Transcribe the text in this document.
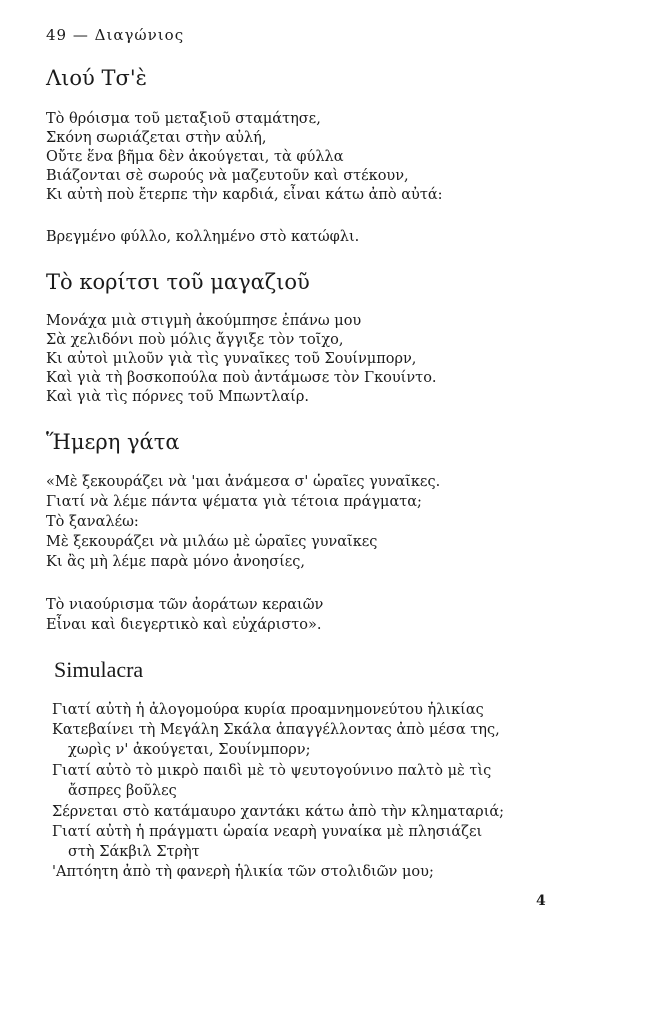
49 — Διαγώνιος
Λιού Τσ'ὲ
Τὸ θρόισμα τοῦ μεταξιοῦ σταμάτησε,
Σκόνη σωριάζεται στὴν αὐλή,
Οὔτε ἕνα βῆμα δὲν ἀκούγεται, τὰ φύλλα
Βιάζονται σὲ σωρούς νὰ μαζευτοῦν καὶ στέκουν,
Κι αὐτὴ ποὺ ἔτερπε τὴν καρδιά, εἶναι κάτω ἀπὸ αὐτά:
Βρεγμένο φύλλο, κολλημένο στὸ κατώφλι.
Τὸ κορίτσι τοῦ μαγαζιοῦ
Μονάχα μιὰ στιγμὴ ἀκούμπησε ἐπάνω μου
Σὰ χελιδόνι ποὺ μόλις ἄγγιξε τὸν τοῖχο,
Κι αὐτοὶ μιλοῦν γιὰ τὶς γυναῖκες τοῦ Σουίνμπορν,
Καὶ γιὰ τὴ βοσκοπούλα ποὺ ἀντάμωσε τὸν Γκουίντο.
Καὶ γιὰ τὶς πόρνες τοῦ Μπωντλαίρ.
Ἥμερη γάτα
«Μὲ ξεκουράζει νὰ 'μαι ἀνάμεσα σ' ὡραῖες γυναῖκες.
Γιατί νὰ λέμε πάντα ψέματα γιὰ τέτοια πράγματα;
Τὸ ξαναλέω:
Μὲ ξεκουράζει νὰ μιλάω μὲ ὡραῖες γυναῖκες
Κι ἂς μὴ λέμε παρὰ μόνο ἀνοησίες,
Τὸ νιαούρισμα τῶν ἀοράτων κεραιῶν
Εἶναι καὶ διεγερτικὸ καὶ εὐχάριστο».
Simulacra
Γιατί αὐτὴ ἡ ἀλογομούρα κυρία προαμνημονεύτου ἡλικίας
Κατεβαίνει τὴ Μεγάλη Σκάλα ἀπαγγέλλοντας ἀπὸ μέσα της,
χωρὶς ν' ἀκούγεται, Σουίνμπορν;
Γιατί αὐτὸ τὸ μικρὸ παιδὶ μὲ τὸ ψευτογούνινο παλτὸ μὲ τὶς
ἄσπρες βοῦλες
Σέρνεται στὸ κατάμαυρο χαντάκι κάτω ἀπὸ τὴν κληματαριά;
Γιατί αὐτὴ ἡ πράγματι ὡραία νεαρὴ γυναίκα μὲ πλησιάζει
στὴ Σάκβιλ Στρὴτ
'Απτόητη ἀπὸ τὴ φανερὴ ἡλικία τῶν στολιδιῶν μου;
4
